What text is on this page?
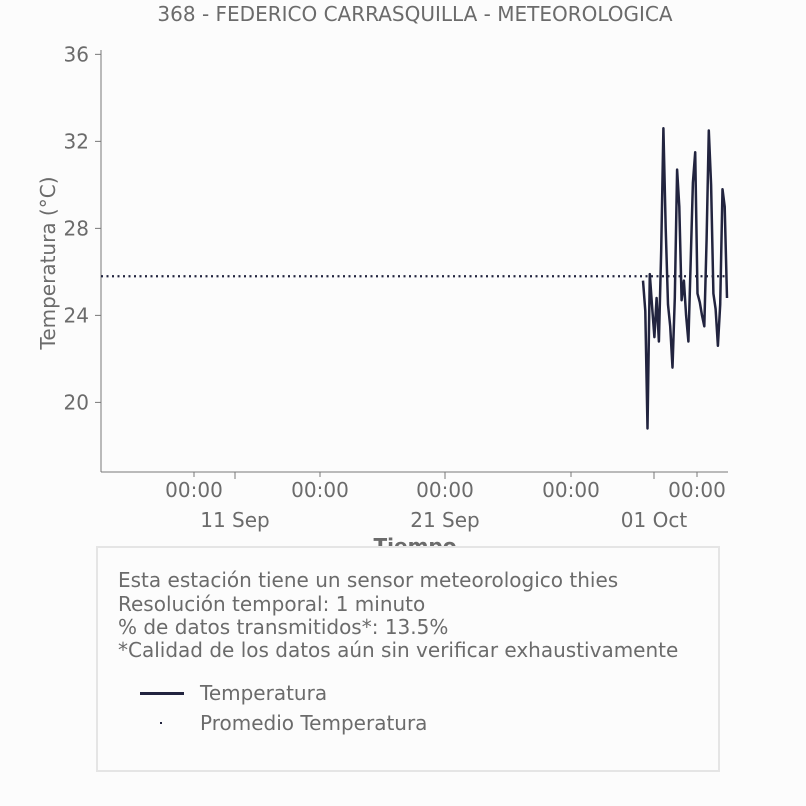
368 - FEDERICO CARRASQUILLA - METEOROLOGICA
Temperatura (°C)
20
24
28
32
36
00:00	00:00	00:00	00:00	00:00
11 Sep	21 Sep	01 Oct
Esta estación tiene un sensor meteorologico thies
Resolución temporal: 1 minuto
% de datos transmitidos*: 13.5%
*Calidad de los datos aún sin verificar exhaustivamente
Temperatura
Promedio Temperatura
